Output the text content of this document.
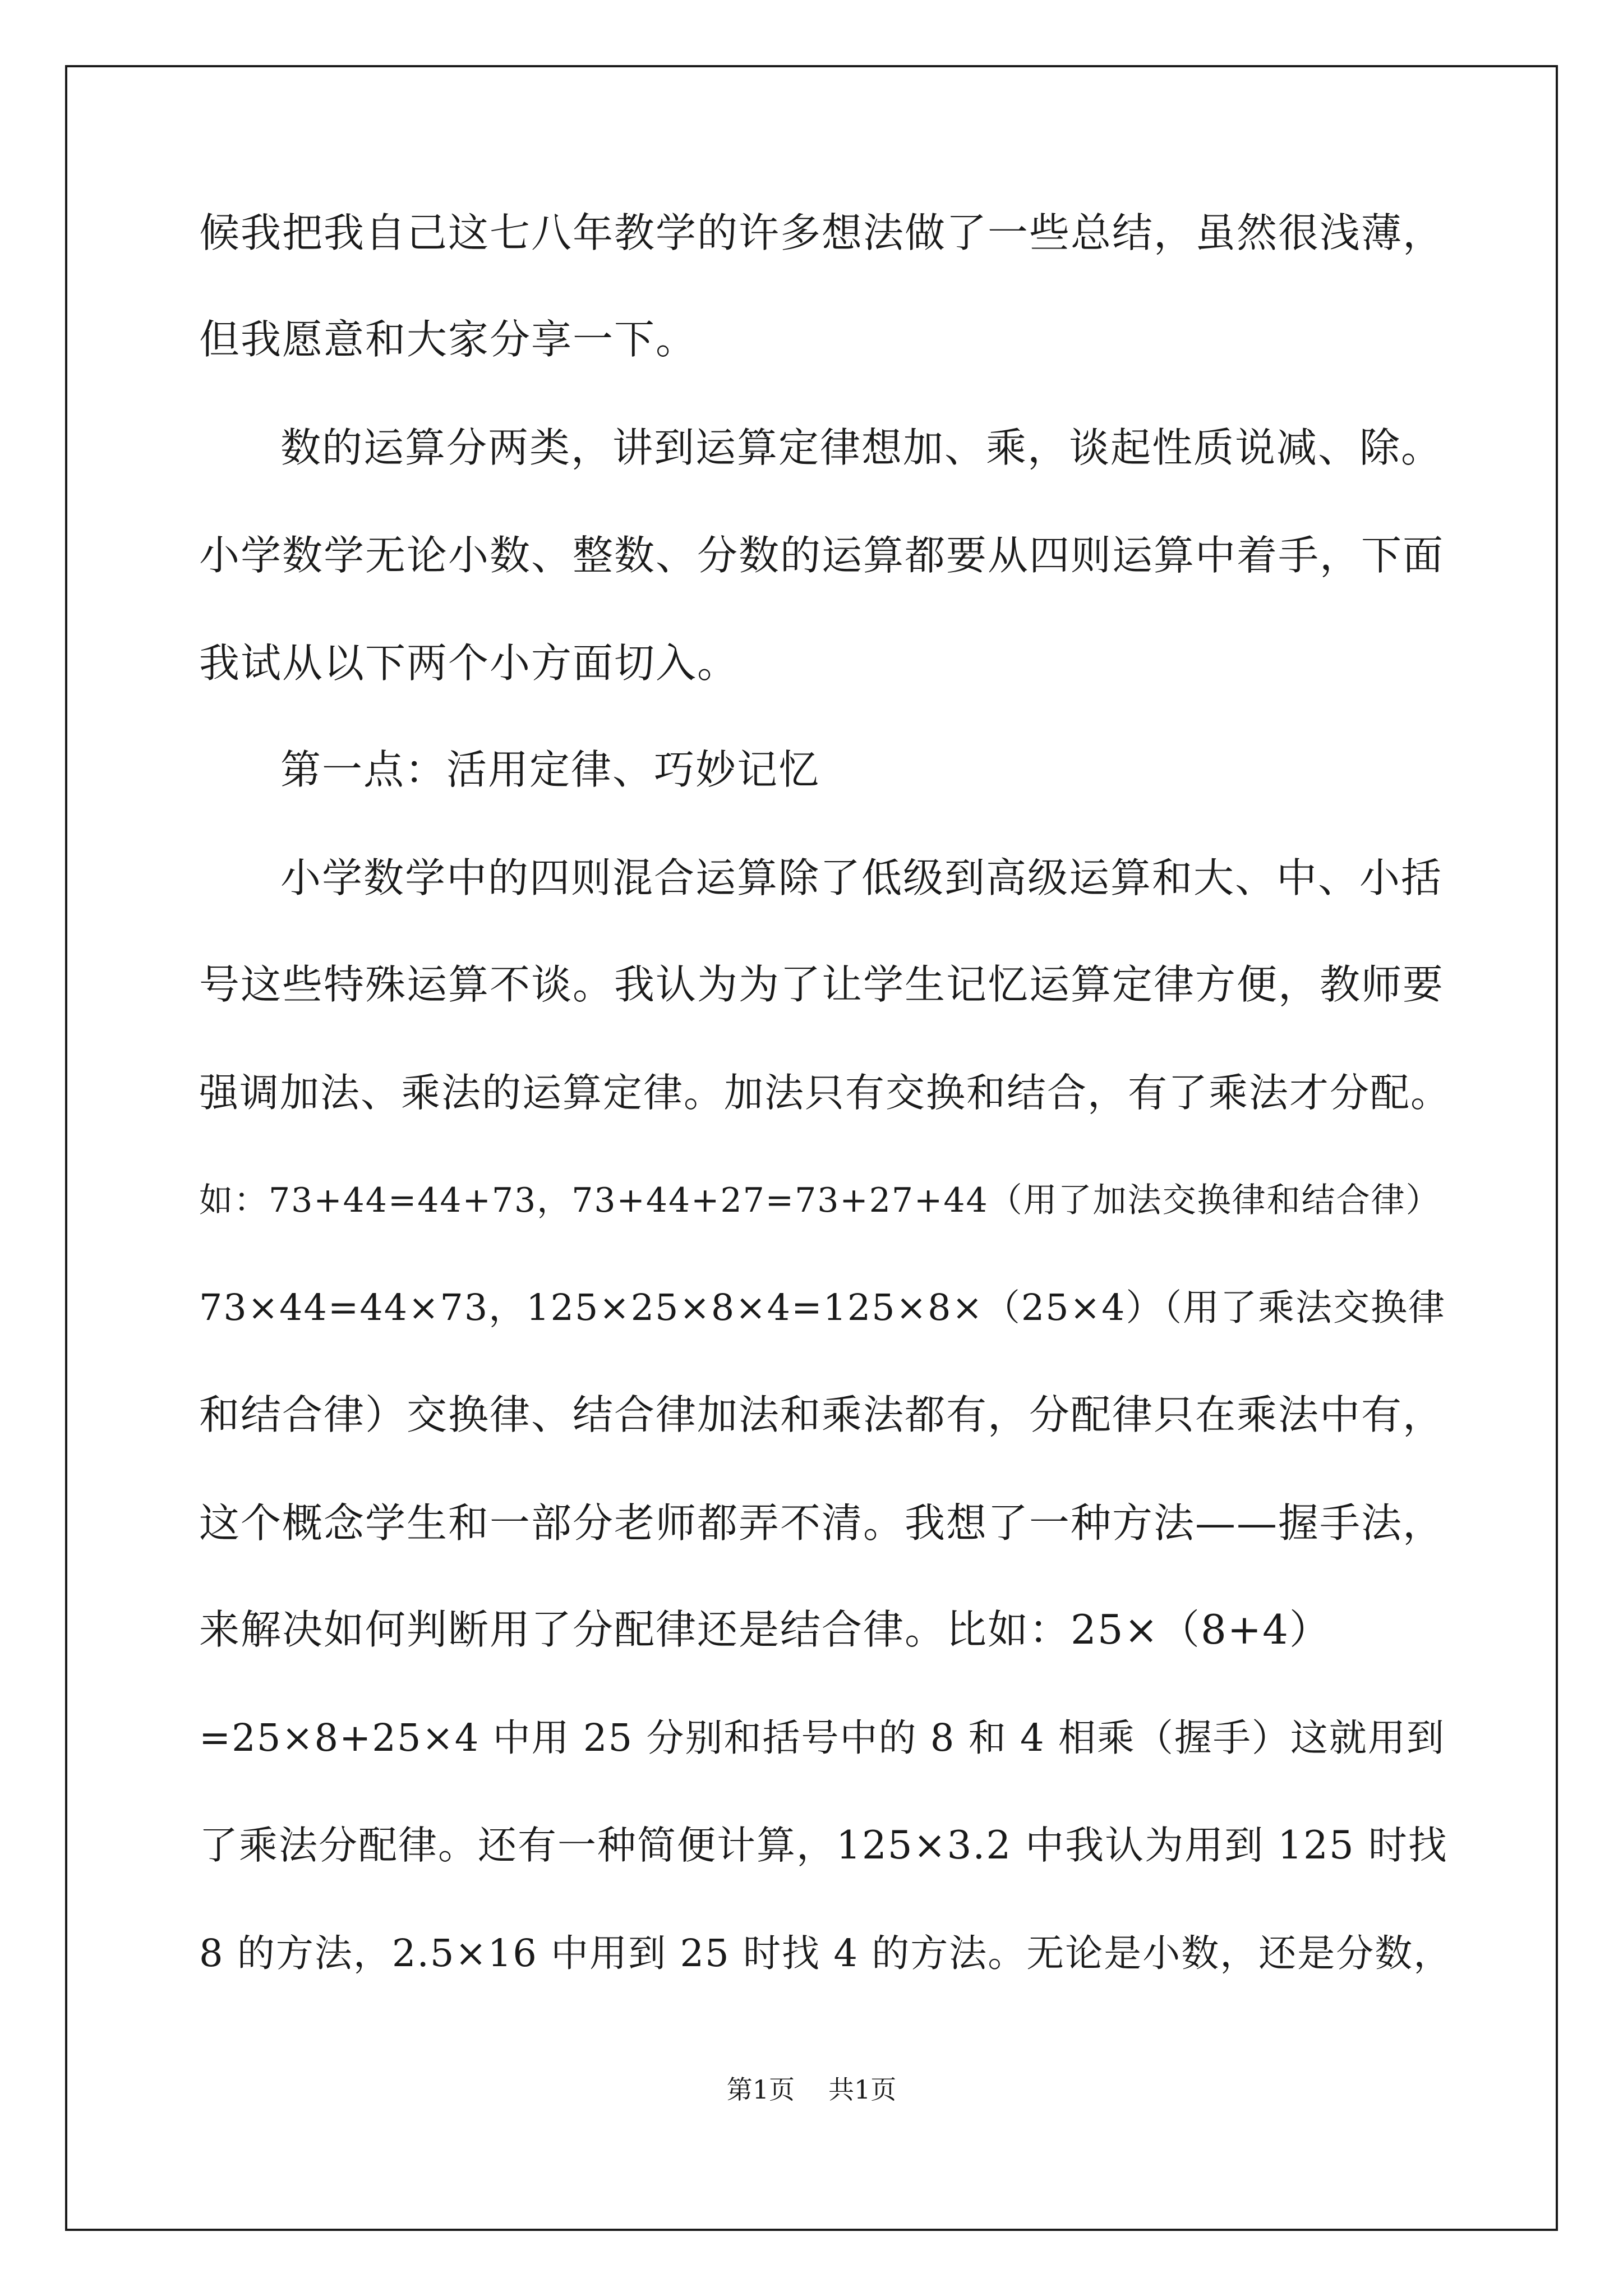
候我把我自己这七八年教学的许多想法做了一些总结，虽然很浅薄，
但我愿意和大家分享一下。
数的运算分两类，讲到运算定律想加、乘，谈起性质说减、除。
小学数学无论小数、整数、分数的运算都要从四则运算中着手，下面
我试从以下两个小方面切入。
第一点：活用定律、巧妙记忆
小学数学中的四则混合运算除了低级到高级运算和大、中、小括
号这些特殊运算不谈。我认为为了让学生记忆运算定律方便，教师要
强调加法、乘法的运算定律。加法只有交换和结合，有了乘法才分配。
如：73+44=44+73，73+44+27=73+27+44（用了加法交换律和结合律）
73×44=44×73，125×25×8×4=125×8×（25×4）（用了乘法交换律
和结合律）交换律、结合律加法和乘法都有，分配律只在乘法中有，
这个概念学生和一部分老师都弄不清。我想了一种方法——握手法，
来解决如何判断用了分配律还是结合律。比如：25×（8+4）
=25×8+25×4 中用 25 分别和括号中的 8 和 4 相乘（握手）这就用到
了乘法分配律。还有一种简便计算，125×3.2 中我认为用到 125 时找
8 的方法，2.5×16 中用到 25 时找 4 的方法。无论是小数，还是分数，
第1页 共1页
